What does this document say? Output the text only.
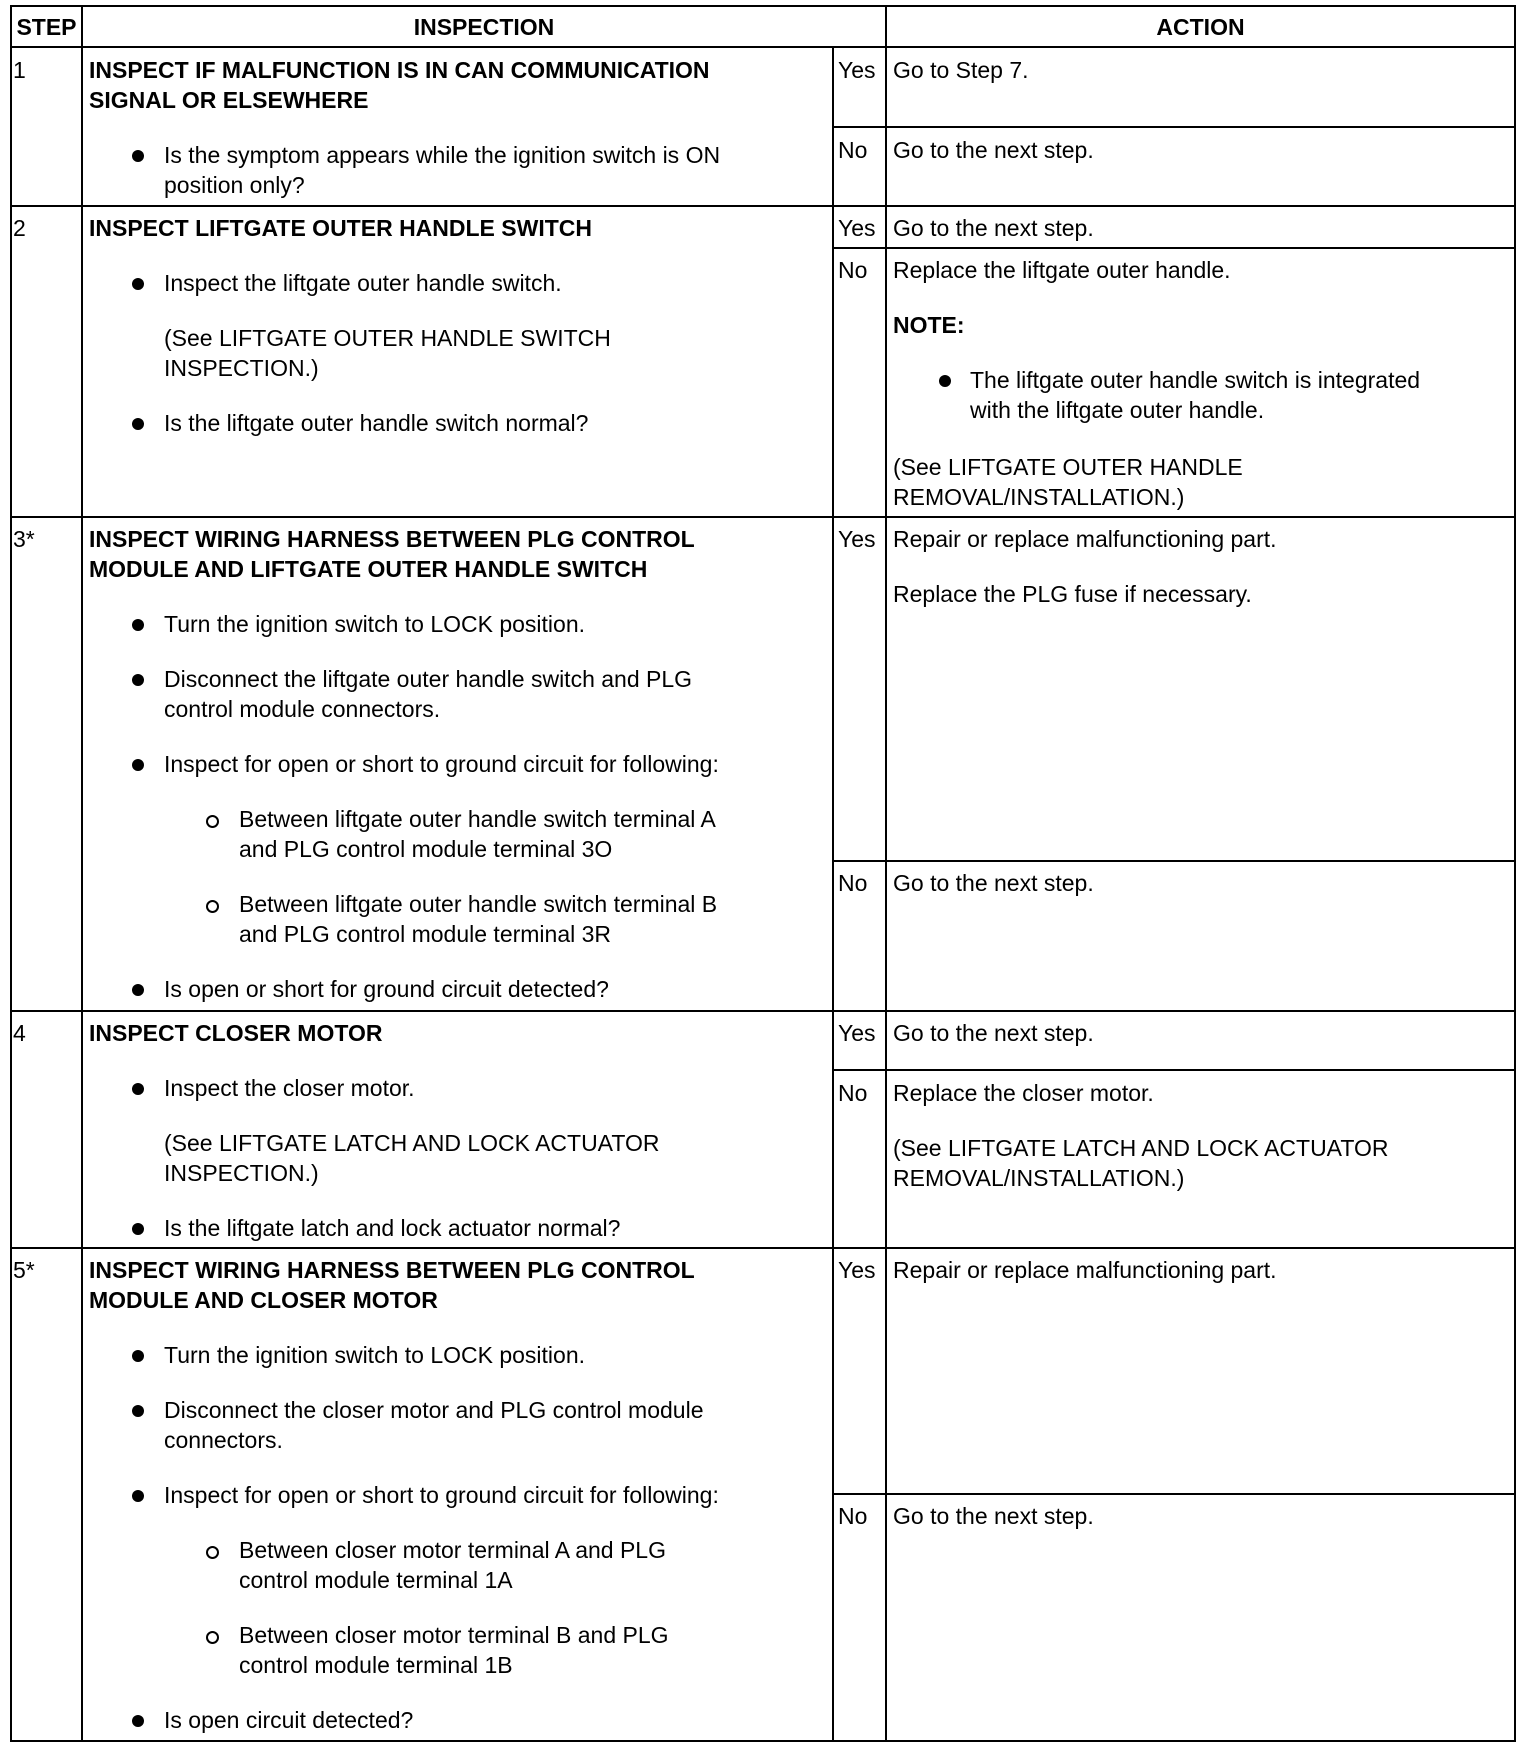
STEP	INSPECTION	ACTION
1	INSPECT IF MALFUNCTION IS IN CAN COMMUNICATION
SIGNAL OR ELSEWHERE
Is the symptom appears while the ignition switch is ON
position only?
Yes Go to Step 7.
No Go to the next step.
2	INSPECT LIFTGATE OUTER HANDLE SWITCH
Inspect the liftgate outer handle switch.
(See LIFTGATE OUTER HANDLE SWITCH
INSPECTION.)
Is the liftgate outer handle switch normal?
Yes Go to the next step.
No Replace the liftgate outer handle.
NOTE:
The liftgate outer handle switch is integrated
with the liftgate outer handle.
(See LIFTGATE OUTER HANDLE
REMOVAL/INSTALLATION.)
3* INSPECT WIRING HARNESS BETWEEN PLG CONTROL
MODULE AND LIFTGATE OUTER HANDLE SWITCH
Turn the ignition switch to LOCK position.
Disconnect the liftgate outer handle switch and PLG
control module connectors.
Inspect for open or short to ground circuit for following:
Between liftgate outer handle switch terminal A
and PLG control module terminal 3O
Between liftgate outer handle switch terminal B
and PLG control module terminal 3R
Is open or short for ground circuit detected?
Yes Repair or replace malfunctioning part.
Replace the PLG fuse if necessary.
No Go to the next step.
4	INSPECT CLOSER MOTOR
Inspect the closer motor.
(See LIFTGATE LATCH AND LOCK ACTUATOR
INSPECTION.)
Is the liftgate latch and lock actuator normal?
Yes Go to the next step.
No Replace the closer motor.
(See LIFTGATE LATCH AND LOCK ACTUATOR
REMOVAL/INSTALLATION.)
5* INSPECT WIRING HARNESS BETWEEN PLG CONTROL
MODULE AND CLOSER MOTOR
Turn the ignition switch to LOCK position.
Disconnect the closer motor and PLG control module
connectors.
Inspect for open or short to ground circuit for following:
Between closer motor terminal A and PLG
control module terminal 1A
Between closer motor terminal B and PLG
control module terminal 1B
Is open circuit detected?
Yes Repair or replace malfunctioning part.
No Go to the next step.
